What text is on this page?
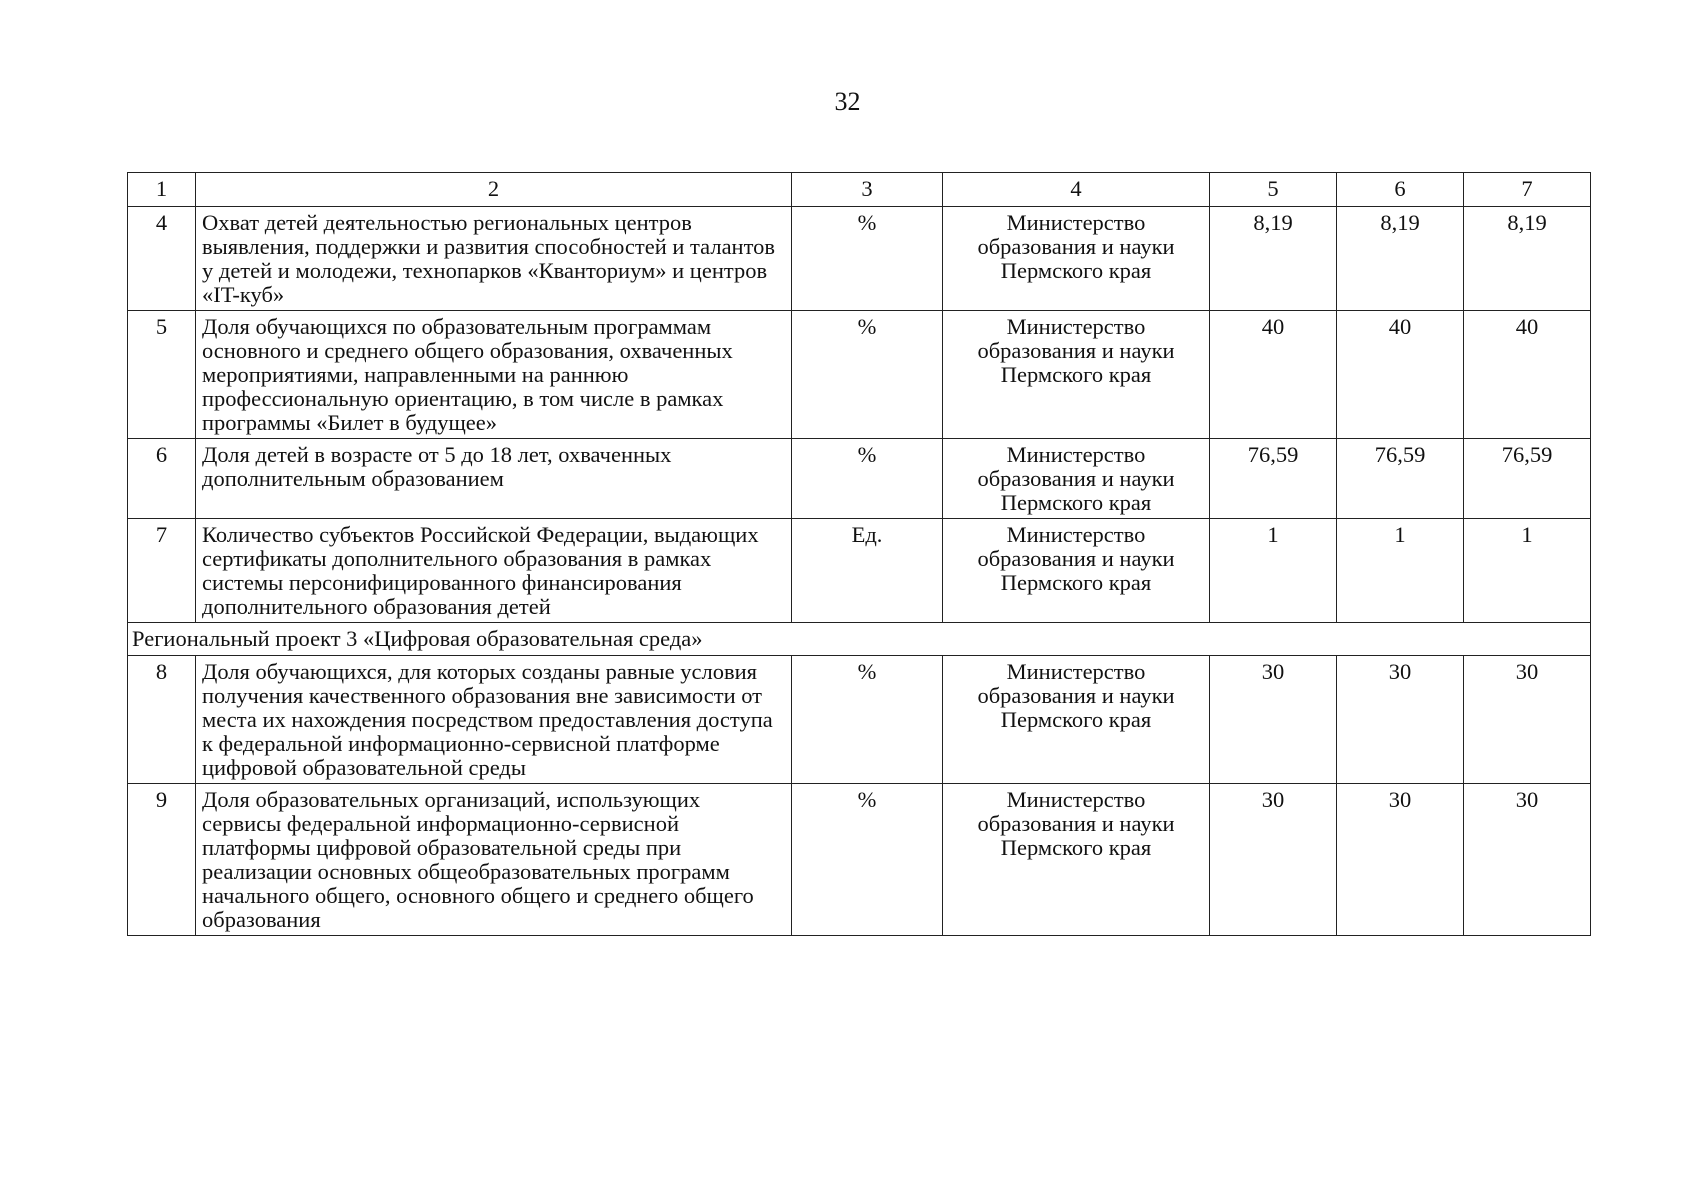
32
1	2	3	4	5	6	7
4	Охват детей деятельностью региональных центров выявления, поддержки и развития способностей и талантов у детей и молодежи, технопарков «Кванториум» и центров «IT-куб»	%	Министерство образования и науки Пермского края	8,19	8,19	8,19
5	Доля обучающихся по образовательным программам основного и среднего общего образования, охваченных мероприятиями, направленными на раннюю профессиональную ориентацию, в том числе в рамках программы «Билет в будущее»	%	Министерство образования и науки Пермского края	40	40	40
6	Доля детей в возрасте от 5 до 18 лет, охваченных дополнительным образованием	%	Министерство образования и науки Пермского края	76,59	76,59	76,59
7	Количество субъектов Российской Федерации, выдающих сертификаты дополнительного образования в рамках системы персонифицированного финансирования дополнительного образования детей	Ед.	Министерство образования и науки Пермского края	1	1	1
Региональный проект 3 «Цифровая образовательная среда»						
8	Доля обучающихся, для которых созданы равные условия получения качественного образования вне зависимости от места их нахождения посредством предоставления доступа к федеральной информационно-сервисной платформе цифровой образовательной среды	%	Министерство образования и науки Пермского края	30	30	30
9	Доля образовательных организаций, использующих сервисы федеральной информационно-сервисной платформы цифровой образовательной среды при реализации основных общеобразовательных программ начального общего, основного общего и среднего общего образования	%	Министерство образования и науки Пермского края	30	30	30
